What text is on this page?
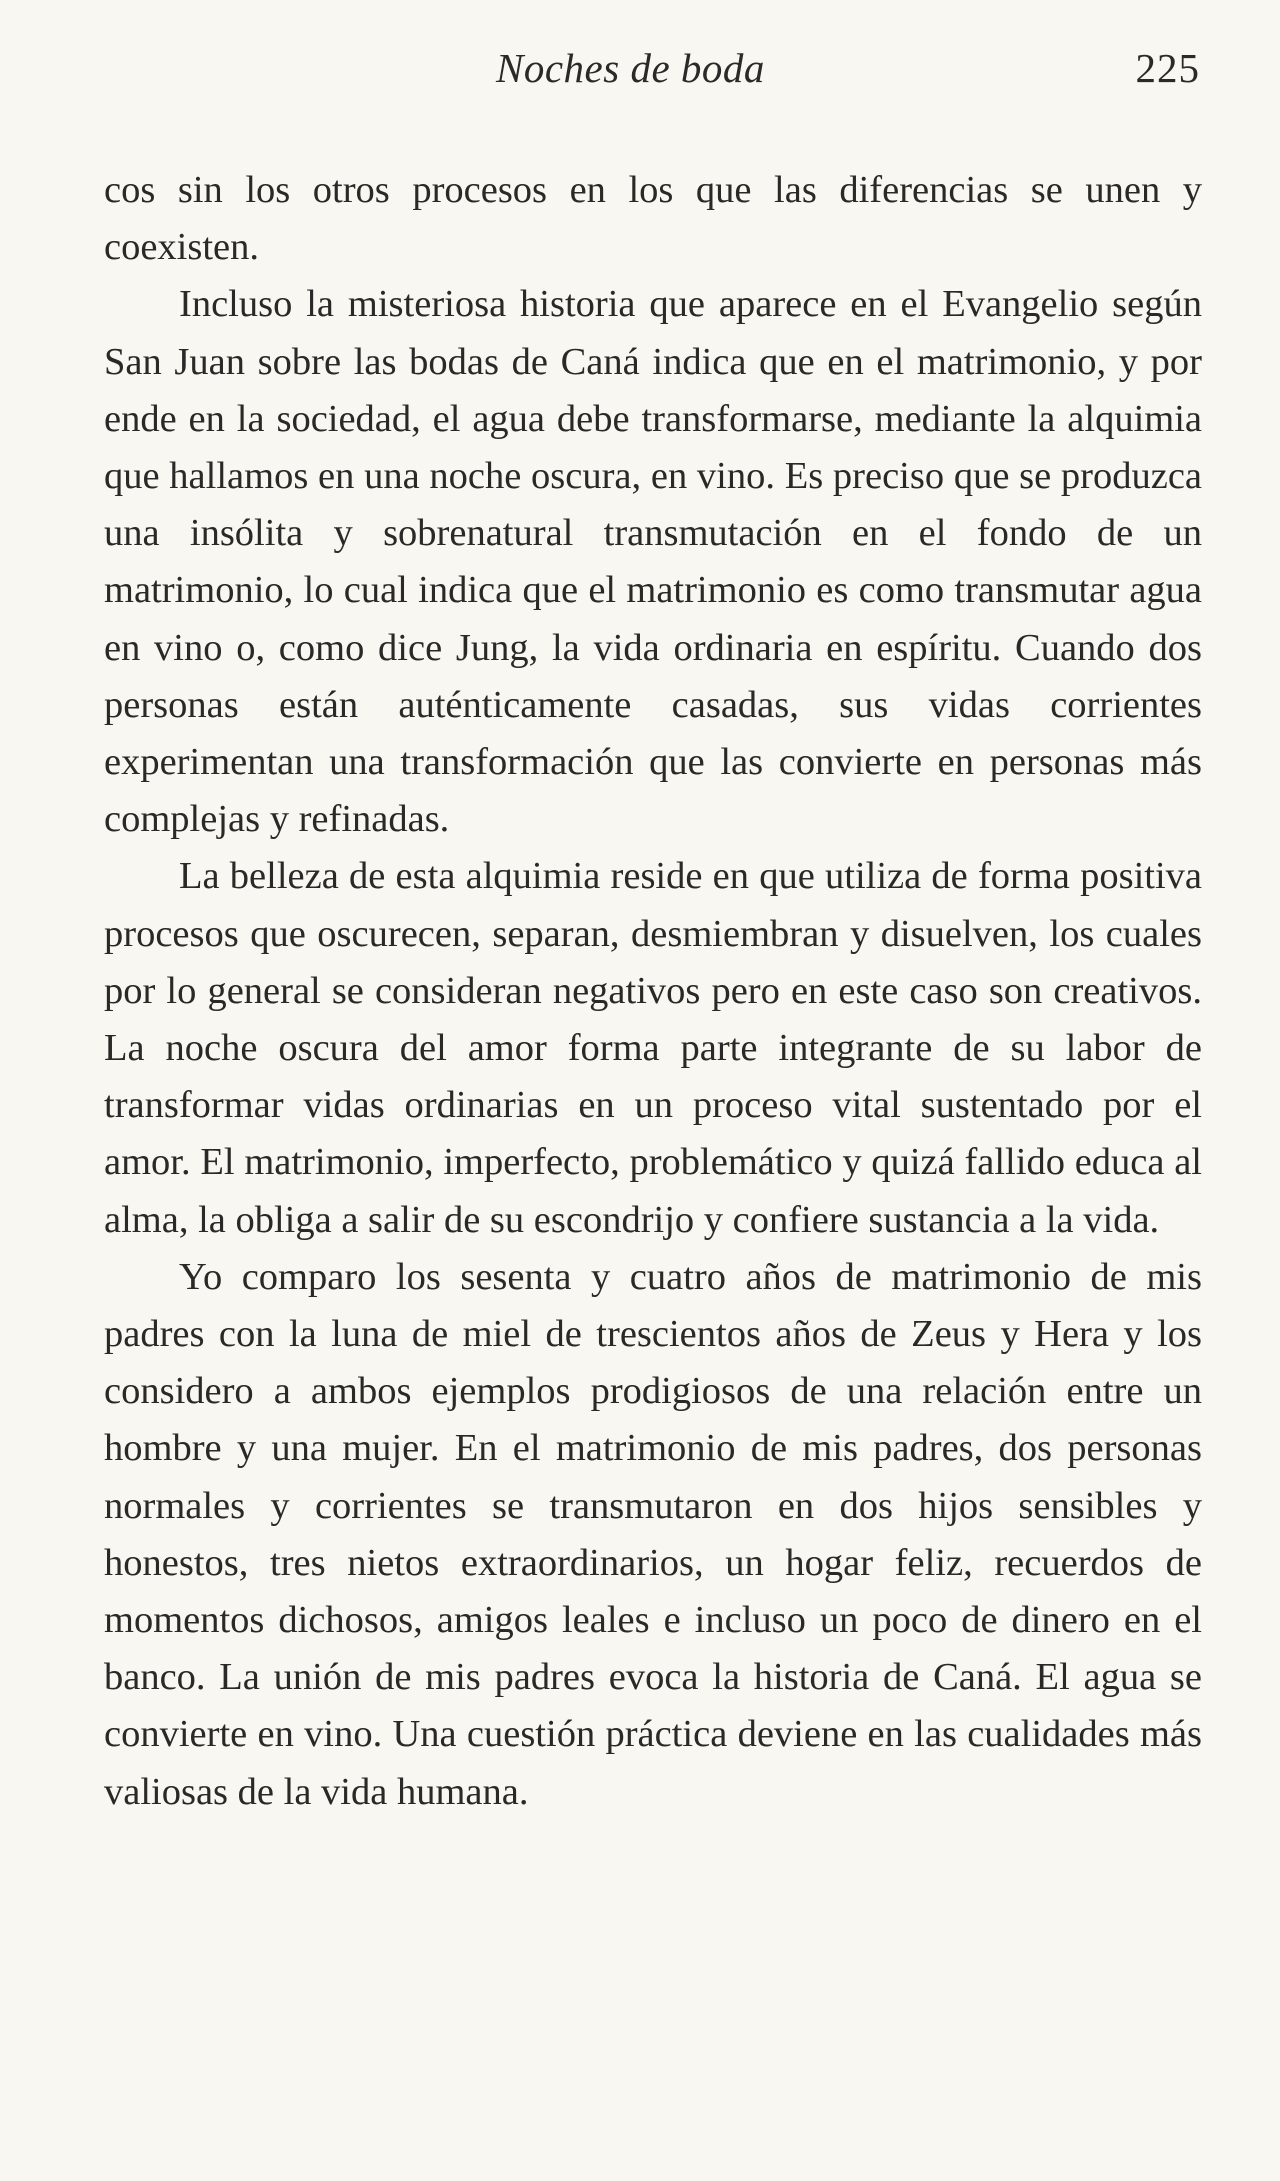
Noches de boda	225

cos sin los otros procesos en los que las diferencias se unen y coexisten.

Incluso la misteriosa historia que aparece en el Evangelio según San Juan sobre las bodas de Caná indica que en el matrimonio, y por ende en la sociedad, el agua debe transformarse, mediante la alquimia que hallamos en una noche oscura, en vino. Es preciso que se produzca una insólita y sobrenatural transmutación en el fondo de un matrimonio, lo cual indica que el matrimonio es como transmutar agua en vino o, como dice Jung, la vida ordinaria en espíritu. Cuando dos personas están auténticamente casadas, sus vidas corrientes experimentan una transformación que las convierte en personas más complejas y refinadas.

La belleza de esta alquimia reside en que utiliza de forma positiva procesos que oscurecen, separan, desmiembran y disuelven, los cuales por lo general se consideran negativos pero en este caso son creativos. La noche oscura del amor forma parte integrante de su labor de transformar vidas ordinarias en un proceso vital sustentado por el amor. El matrimonio, imperfecto, problemático y quizá fallido educa al alma, la obliga a salir de su escondrijo y confiere sustancia a la vida.

Yo comparo los sesenta y cuatro años de matrimonio de mis padres con la luna de miel de trescientos años de Zeus y Hera y los considero a ambos ejemplos prodigiosos de una relación entre un hombre y una mujer. En el matrimonio de mis padres, dos personas normales y corrientes se transmutaron en dos hijos sensibles y honestos, tres nietos extraordinarios, un hogar feliz, recuerdos de momentos dichosos, amigos leales e incluso un poco de dinero en el banco. La unión de mis padres evoca la historia de Caná. El agua se convierte en vino. Una cuestión práctica deviene en las cualidades más valiosas de la vida humana.
